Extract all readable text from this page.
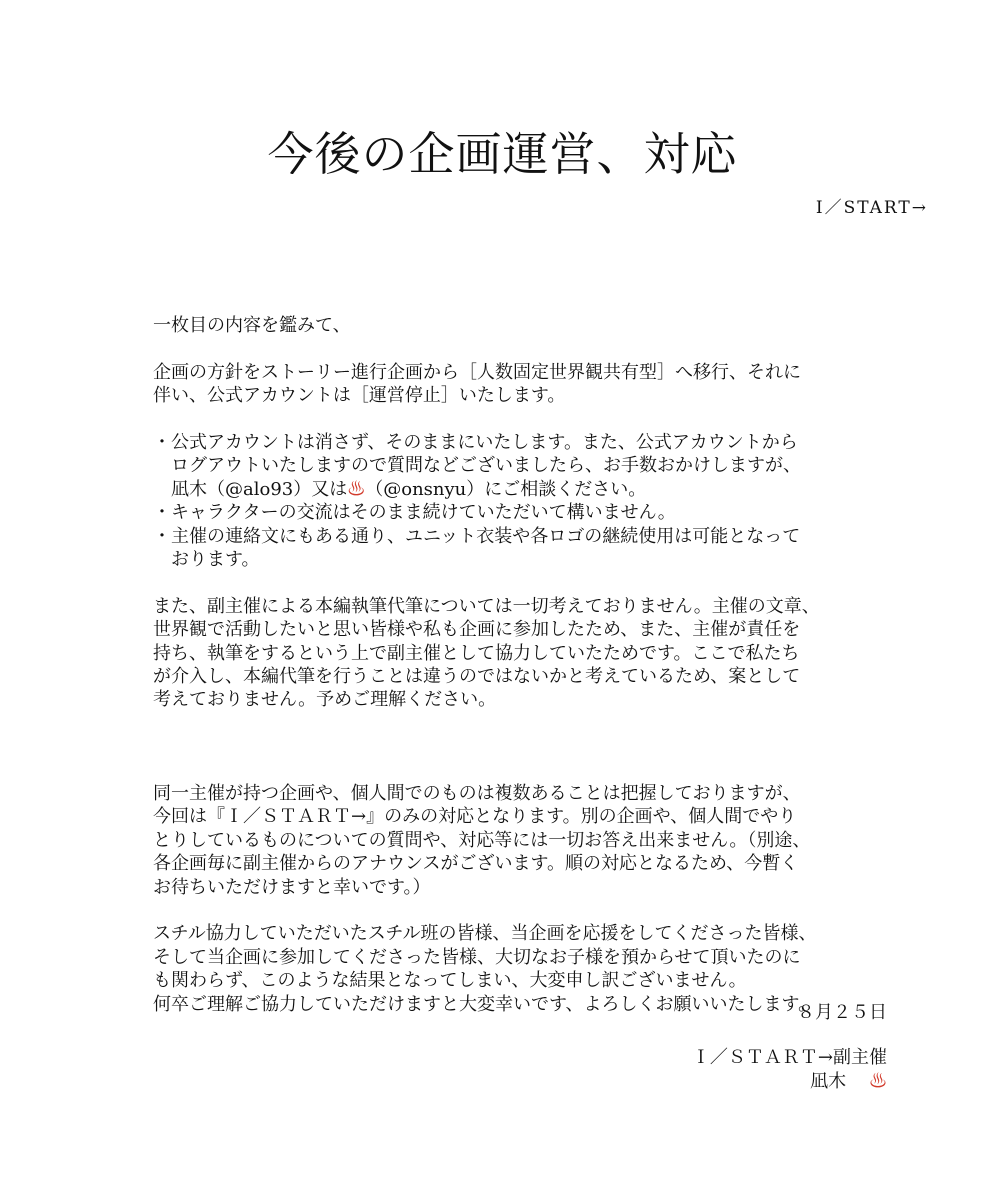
今後の企画運営、対応
I／START→
一枚目の内容を鑑みて、
企画の方針をストーリー進行企画から［人数固定世界観共有型］へ移行、それに
伴い、公式アカウントは［運営停止］いたします。
・公式アカウントは消さず、そのままにいたします。また、公式アカウントから
ログアウトいたしますので質問などございましたら、お手数おかけしますが、
凪木（@alo93）又は♨（@onsnyu）にご相談ください。
・キャラクターの交流はそのまま続けていただいて構いません。
・主催の連絡文にもある通り、ユニット衣装や各ロゴの継続使用は可能となって
おります。
また、副主催による本編執筆代筆については一切考えておりません。主催の文章、
世界観で活動したいと思い皆様や私も企画に参加したため、また、主催が責任を
持ち、執筆をするという上で副主催として協力していたためです。ここで私たち
が介入し、本編代筆を行うことは違うのではないかと考えているため、案として
考えておりません。予めご理解ください。
同一主催が持つ企画や、個人間でのものは複数あることは把握しておりますが、
今回は『Ｉ／ＳＴＡＲＴ→』のみの対応となります。別の企画や、個人間でやり
とりしているものについての質問や、対応等には一切お答え出来ません。（別途、
各企画毎に副主催からのアナウンスがございます。順の対応となるため、今暫く
お待ちいただけますと幸いです。）
スチル協力していただいたスチル班の皆様、当企画を応援をしてくださった皆様、
そして当企画に参加してくださった皆様、大切なお子様を預からせて頂いたのに
も関わらず、このような結果となってしまい、大変申し訳ございません。
何卒ご理解ご協力していただけますと大変幸いです、よろしくお願いいたします。
８月２５日
Ｉ／ＳＴＡＲＴ→副主催
凪木 ♨
